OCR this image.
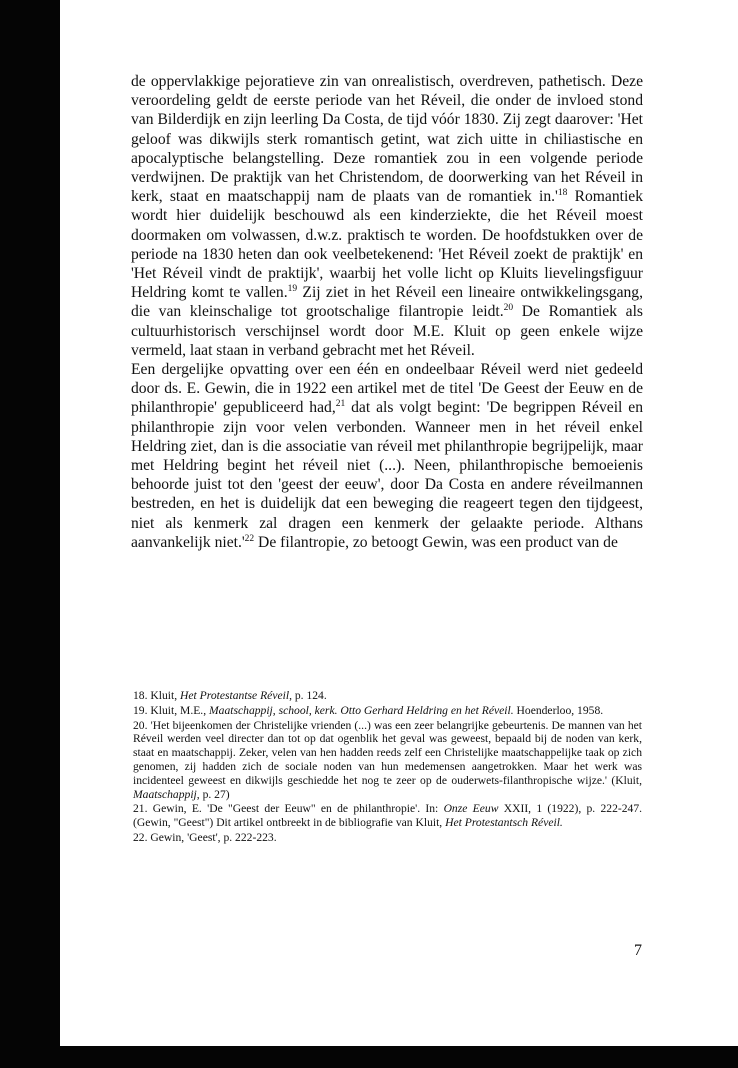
de oppervlakkige pejoratieve zin van onrealistisch, overdreven, pathetisch. Deze veroordeling geldt de eerste periode van het Réveil, die onder de invloed stond van Bilderdijk en zijn leerling Da Costa, de tijd vóór 1830. Zij zegt daarover: 'Het geloof was dikwijls sterk romantisch getint, wat zich uitte in chiliastische en apocalyptische belangstelling. Deze romantiek zou in een volgende periode verdwijnen. De praktijk van het Christendom, de doorwerking van het Réveil in kerk, staat en maatschappij nam de plaats van de romantiek $in.'^{18}$ Romantiek wordt hier duidelijk beschouwd als een kinderziekte, die het Réveil moest doormaken om volwassen, d.w.z. praktisch te worden. De hoofdstukken over de periode na 1830 heten dan ook veelbetekenend: 'Het Réveil zoekt de praktijk' en 'Het Réveil vindt de praktijk', waarbij het volle licht op Kluits lievelingsfiguur Heldring komt te vallen.$^{19}$ Zij ziet in het Réveil een lineaire ontwikkelingsgang, die van kleinschalige tot grootschalige filantropie leidt.$^{20}$ De Romantiek als cultuurhistorisch verschijnsel wordt door M.E. Kluit op geen enkele wijze vermeld, laat staan in verband gebracht met het Réveil.

Een dergelijke opvatting over een één en ondeelbaar Réveil werd niet gedeeld door ds. E. Gewin, die in 1922 een artikel met de titel 'De Geest der Eeuw en de philanthropie' gepubliceerd had,$^{21}$ dat als volgt begint: 'De begrippen Réveil en philanthropie zijn voor velen verbonden. Wanneer men in het réveil enkel Heldring ziet, dan is die associatie van réveil met philanthropie begrijpelijk, maar met Heldring begint het réveil niet (...). Neen, philanthropische bemoeienis behoorde juist tot den 'geest der eeuw', door Da Costa en andere réveilmannen bestreden, en het is duidelijk dat een beweging die reageert tegen den tijdgeest, niet als kenmerk zal dragen een kenmerk der gelaakte periode. Althans aanvankelijk $niet.'^{22}$ De filantropie, zo betoogt Gewin, was een product van de

18. Kluit, Het Protestantse Réveil, p. 124.

19. Kluit, M.E., Maatschappij, school, kerk. Otto Gerhard Heldring en het Réveil. Hoenderloo, 1958.

20. 'Het bijeenkomen der Christelijke vrienden (...) was een zeer belangrijke gebeurtenis. De mannen van het Réveil werden veel directer dan tot op dat ogenblik het geval was geweest, bepaald bij de noden van kerk, staat en maatschappij. Zeker, velen van hen hadden reeds zelf een Christelijke maatschappelijke taak op zich genomen, zij hadden zich de sociale noden van hun medemensen aangetrokken. Maar het werk was incidenteel geweest en dikwijls geschiedde het nog te zeer op de ouderwets-filanthropische wijze.' (Kluit, Maatschappij, p. 27)

21. Gewin, E. 'De "Geest der Eeuw" en de philanthropie'. In: Onze Eeuw XXII, 1 (1922), p. 222-247. (Gewin, "Geest") Dit artikel ontbreekt in de bibliografie van Kluit, Het Protestantsch Réveil.

22. Gewin, 'Geest', p. 222-223.

7
